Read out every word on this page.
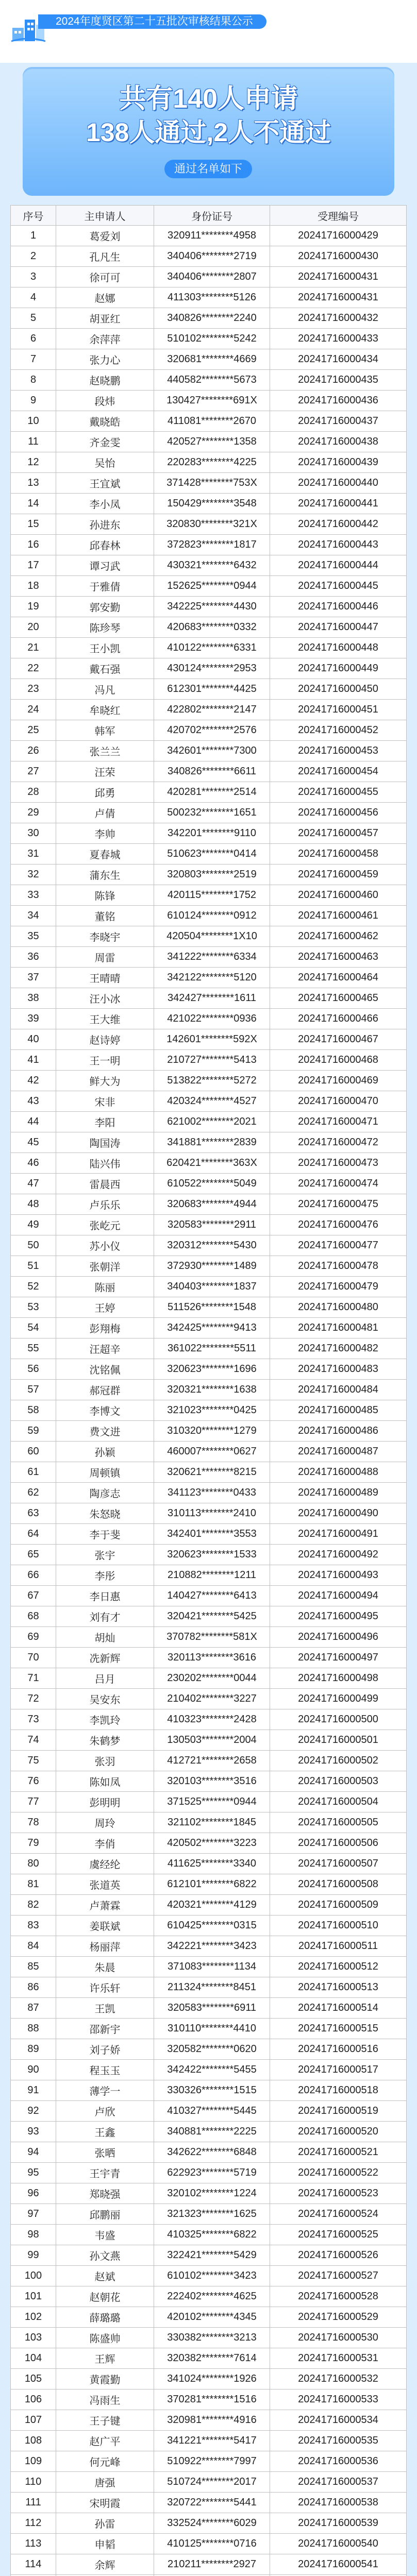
2024年度贤区第二十五批次审核结果公示
共有140人申请
138人通过,2人不通过
通过名单如下
序号	主申请人	身份证号	受理编号
1	葛爱刘	320911********4958	20241716000429
2	孔凡生	340406********2719	20241716000430
3	徐可可	340406********2807	20241716000431
4	赵娜	411303********5126	20241716000431
5	胡亚红	340826********2240	20241716000432
6	余萍萍	510102********5242	20241716000433
7	张力心	320681********4669	20241716000434
8	赵晓鹏	440582********5673	20241716000435
9	段炜	130427********691X	20241716000436
10	戴晓皓	411081********2670	20241716000437
11	齐金雯	420527********1358	20241716000438
12	吴怡	220283********4225	20241716000439
13	王宜斌	371428********753X	20241716000440
14	李小凤	150429********3548	20241716000441
15	孙进东	320830********321X	20241716000442
16	邱春林	372823********1817	20241716000443
17	谭习武	430321********6432	20241716000444
18	于雅倩	152625********0944	20241716000445
19	郭安勤	342225********4430	20241716000446
20	陈珍琴	420683********0332	20241716000447
21	王小凯	410122********6331	20241716000448
22	戴石强	430124********2953	20241716000449
23	冯凡	612301********4425	20241716000450
24	牟晓红	422802********2147	20241716000451
25	韩军	420702********2576	20241716000452
26	张兰兰	342601********7300	20241716000453
27	汪荣	340826********6611	20241716000454
28	邱勇	420281********2514	20241716000455
29	卢倩	500232********1651	20241716000456
30	李帅	342201********9110	20241716000457
31	夏春城	510623********0414	20241716000458
32	蒲东生	320803********2519	20241716000459
33	陈锋	420115********1752	20241716000460
34	董铭	610124********0912	20241716000461
35	李晓宇	420504********1X10	20241716000462
36	周雷	341222********6334	20241716000463
37	王晴晴	342122********5120	20241716000464
38	汪小冰	342427********1611	20241716000465
39	王大维	421022********0936	20241716000466
40	赵诗婷	142601********592X	20241716000467
41	王一明	210727********5413	20241716000468
42	鲜大为	513822********5272	20241716000469
43	宋非	420324********4527	20241716000470
44	李阳	621002********2021	20241716000471
45	陶国涛	341881********2839	20241716000472
46	陆兴伟	620421********363X	20241716000473
47	雷晨西	610522********5049	20241716000474
48	卢乐乐	320683********4944	20241716000475
49	张屹元	320583********2911	20241716000476
50	苏小仪	320312********5430	20241716000477
51	张朝洋	372930********1489	20241716000478
52	陈丽	340403********1837	20241716000479
53	王婷	511526********1548	20241716000480
54	彭翔梅	342425********9413	20241716000481
55	汪超辛	361022********5511	20241716000482
56	沈铭佩	320623********1696	20241716000483
57	郝冠群	320321********1638	20241716000484
58	李博文	321023********0425	20241716000485
59	费文进	310320********1279	20241716000486
60	孙颖	460007********0627	20241716000487
61	周顿镇	320621********8215	20241716000488
62	陶彦志	341123********0433	20241716000489
63	朱怒晓	310113********2410	20241716000490
64	李于斐	342401********3553	20241716000491
65	张宇	320623********1533	20241716000492
66	李彤	210882********1211	20241716000493
67	李日惠	140427********6413	20241716000494
68	刘有才	320421********5425	20241716000495
69	胡灿	370782********581X	20241716000496
70	冼新辉	320113********3616	20241716000497
71	吕月	230202********0044	20241716000498
72	吴安东	210402********3227	20241716000499
73	李凯玲	410323********2428	20241716000500
74	朱鹤梦	130503********2004	20241716000501
75	张羽	412721********2658	20241716000502
76	陈如凤	320103********3516	20241716000503
77	彭明明	371525********0944	20241716000504
78	周玲	321102********1845	20241716000505
79	李俏	420502********3223	20241716000506
80	虞经纶	411625********3340	20241716000507
81	张道英	612101********6822	20241716000508
82	卢萧霖	420321********4129	20241716000509
83	姜联斌	610425********0315	20241716000510
84	杨丽萍	342221********3423	20241716000511
85	朱晨	371083********1134	20241716000512
86	许乐轩	211324********8451	20241716000513
87	王凯	320583********6911	20241716000514
88	邵新宇	310110********4410	20241716000515
89	刘子娇	320582********0620	20241716000516
90	程玉玉	342422********5455	20241716000517
91	薄学一	330326********1515	20241716000518
92	卢欣	410327********5445	20241716000519
93	王鑫	340881********2225	20241716000520
94	张晒	342622********6848	20241716000521
95	王宇青	622923********5719	20241716000522
96	郑晓强	320102********1224	20241716000523
97	邱鹏丽	321323********1625	20241716000524
98	韦盛	410325********6822	20241716000525
99	孙文燕	322421********5429	20241716000526
100	赵斌	610102********3423	20241716000527
101	赵朝花	222402********4625	20241716000528
102	薛璐璐	420102********4345	20241716000529
103	陈盛帅	330382********3213	20241716000530
104	王辉	320382********7614	20241716000531
105	黄霞勤	341024********1926	20241716000532
106	冯雨生	370281********1516	20241716000533
107	王子键	320981********4916	20241716000534
108	赵广平	341221********5417	20241716000535
109	何元峰	510922********7997	20241716000536
110	唐强	510724********2017	20241716000537
111	宋明霞	320722********5441	20241716000538
112	孙雷	332524********6029	20241716000539
113	申韬	410125********0716	20241716000540
114	余辉	210211********2927	20241716000541
